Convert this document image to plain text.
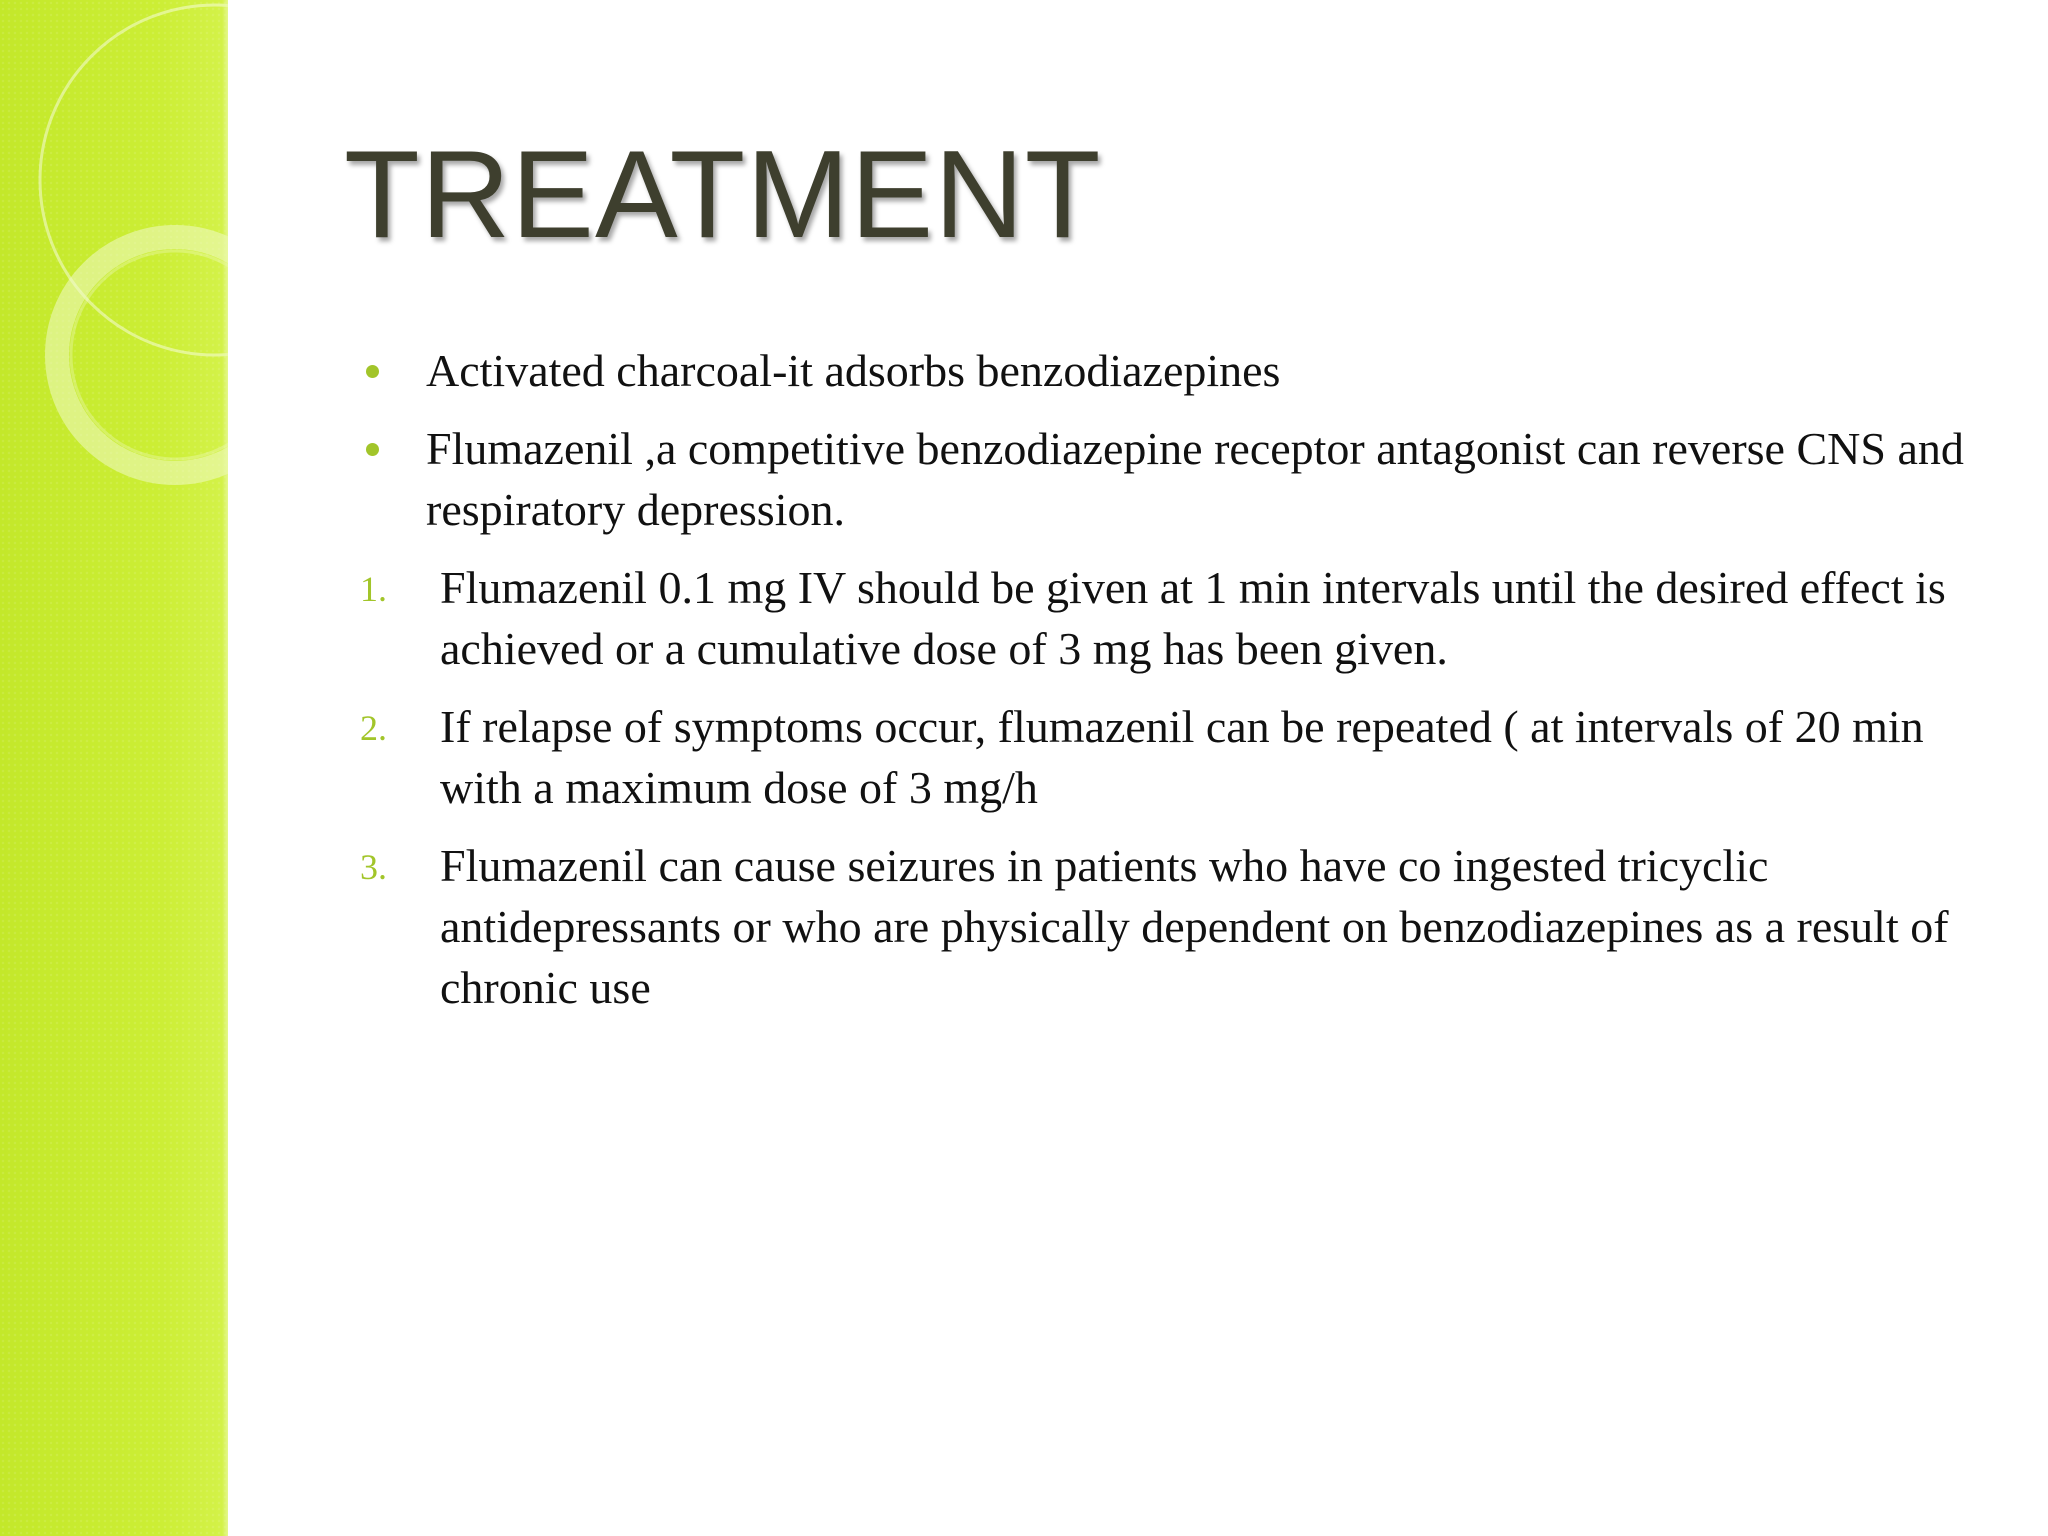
TREATMENT
Activated charcoal-it adsorbs benzodiazepines
Flumazenil ,a competitive benzodiazepine receptor antagonist can reverse CNS and respiratory depression.
1. Flumazenil 0.1 mg IV should be given at 1 min intervals until the desired effect is achieved or a cumulative dose of 3 mg has been given.
2. If relapse of symptoms occur, flumazenil can be repeated ( at intervals of 20 min with a maximum dose of 3 mg/h
3. Flumazenil can cause seizures in patients who have co ingested tricyclic antidepressants or who are physically dependent on benzodiazepines as a result of chronic use
